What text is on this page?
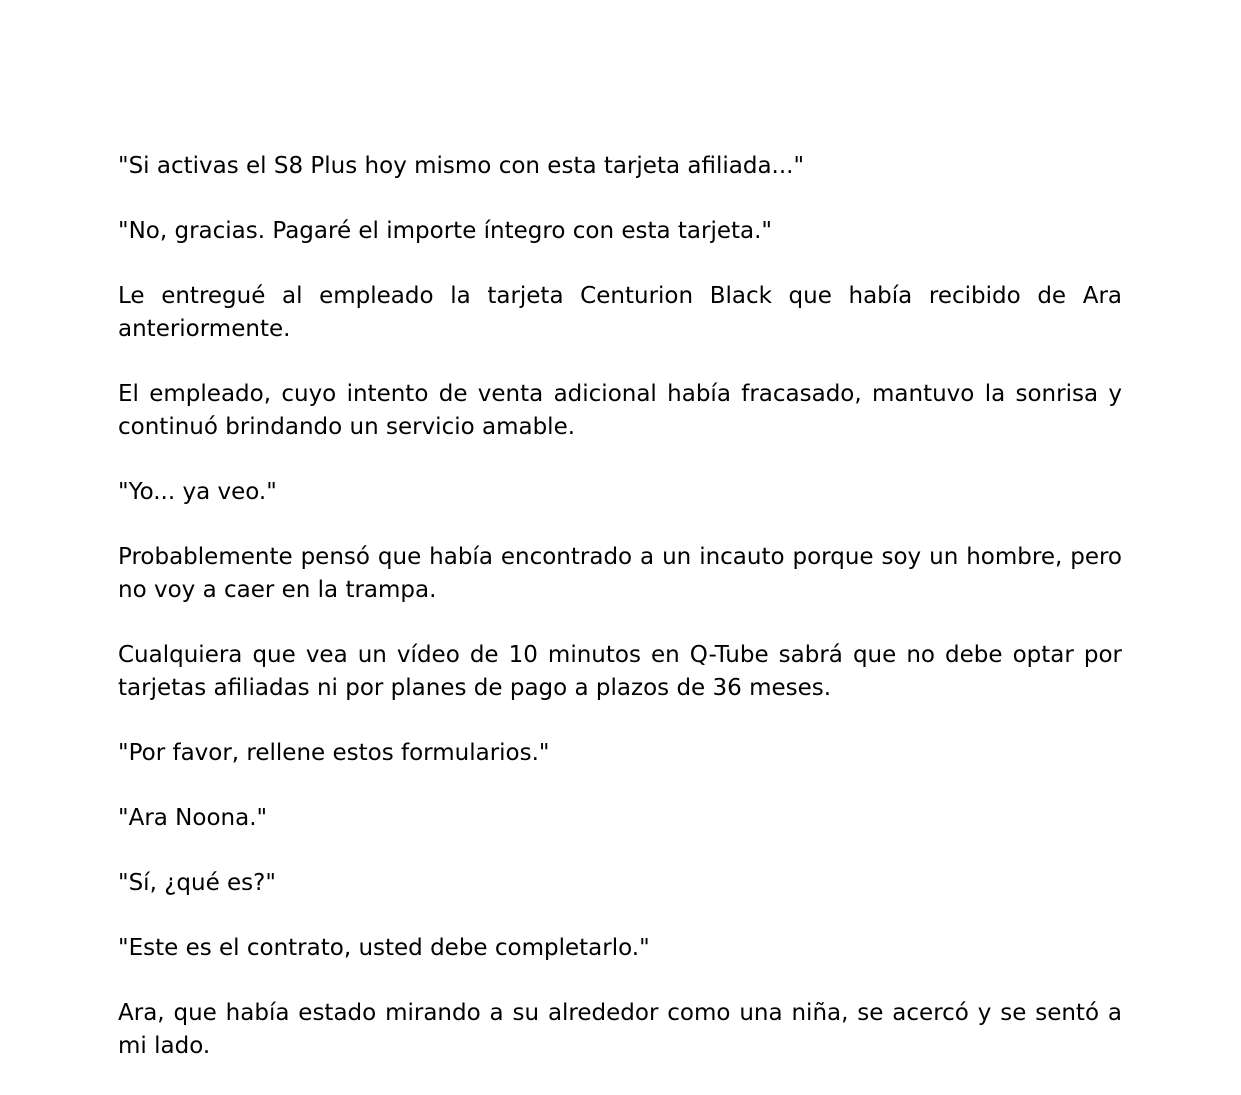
"Si activas el S8 Plus hoy mismo con esta tarjeta afiliada..."

"No, gracias. Pagaré el importe íntegro con esta tarjeta."

Le entregué al empleado la tarjeta Centurion Black que había recibido de Ara anteriormente.

El empleado, cuyo intento de venta adicional había fracasado, mantuvo la sonrisa y continuó brindando un servicio amable.

"Yo... ya veo."

Probablemente pensó que había encontrado a un incauto porque soy un hombre, pero no voy a caer en la trampa.

Cualquiera que vea un vídeo de 10 minutos en Q-Tube sabrá que no debe optar por tarjetas afiliadas ni por planes de pago a plazos de 36 meses.

"Por favor, rellene estos formularios."

"Ara Noona."

"Sí, ¿qué es?"

"Este es el contrato, usted debe completarlo."

Ara, que había estado mirando a su alrededor como una niña, se acercó y se sentó a mi lado.
